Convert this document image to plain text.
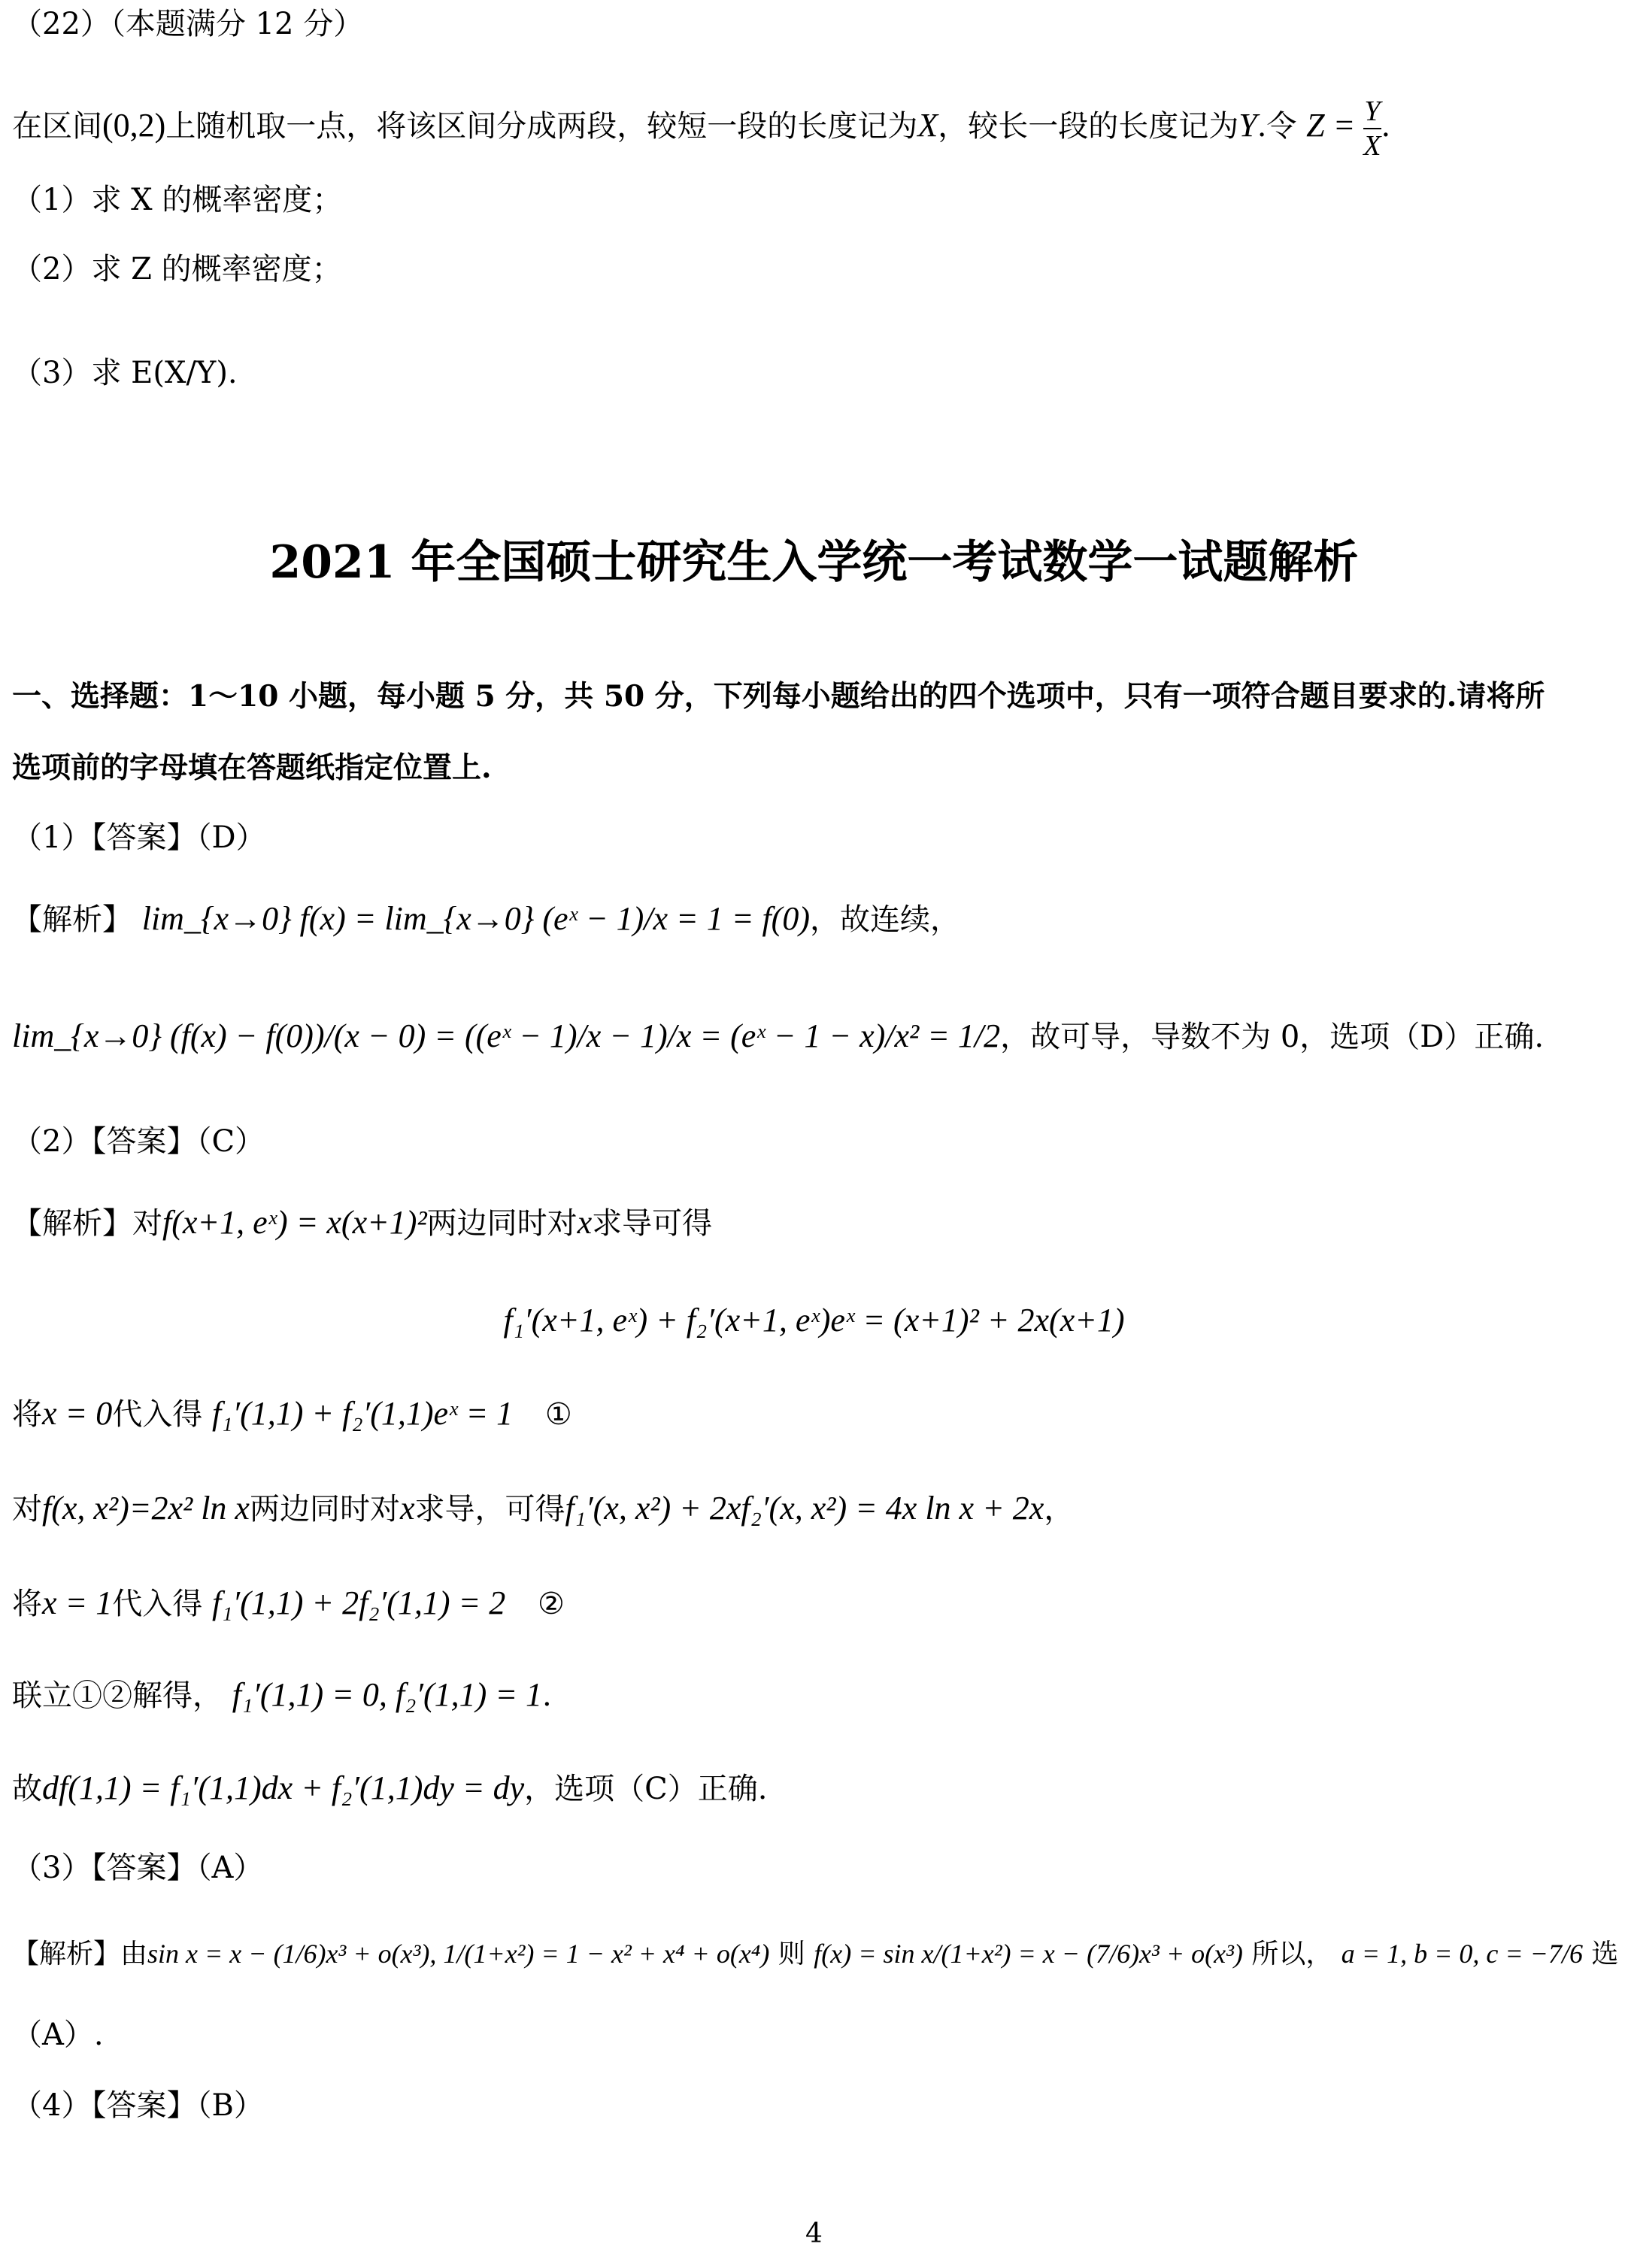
（22）（本题满分 12 分）
在区间(0,2)上随机取一点，将该区间分成两段，较短一段的长度记为X，较长一段的长度记为Y.令 $Z = \frac{Y}{X}$ .
（1）求 X 的概率密度；
（2）求 Z 的概率密度；
（3）求 E(X/Y).
2021 年全国硕士研究生入学统一考试数学一试题解析
一、选择题：1～10 小题，每小题 5 分，共 50 分，下列每小题给出的四个选项中，只有一项符合题目要求的.请将所
选项前的字母填在答题纸指定位置上.
（1）【答案】（D）
【解析】 lim_{x→0} f(x) = lim_{x→0} (eˣ − 1)/x = 1 = f(0)，故连续，
lim_{x→0} (f(x) − f(0))/(x − 0) = ((eˣ − 1)/x − 1)/x = (eˣ − 1 − x)/x² = 1/2，故可导，导数不为 0，选项（D）正确.
（2）【答案】（C）
【解析】对f(x+1, eˣ) = x(x+1)²两边同时对x求导可得
f₁′(x+1, eˣ) + f₂′(x+1, eˣ)eˣ = (x+1)² + 2x(x+1)
将x = 0代入得 f₁′(1,1) + f₂′(1,1)eˣ = 1 ①
对f(x, x²)=2x² ln x两边同时对x求导，可得f₁′(x, x²) + 2xf₂′(x, x²) = 4x ln x + 2x，
将x = 1代入得 f₁′(1,1) + 2f₂′(1,1) = 2 ②
联立①②解得， f₁′(1,1) = 0, f₂′(1,1) = 1.
故df(1,1) = f₁′(1,1)dx + f₂′(1,1)dy = dy，选项（C）正确.
（3）【答案】（A）
【解析】由sin x = x − (1/6)x³ + o(x³), 1/(1+x²) = 1 − x² + x⁴ + o(x⁴) 则 f(x) = sin x/(1+x²) = x − (7/6)x³ + o(x³) 所以， a = 1, b = 0, c = −7/6 选
（A）.
（4）【答案】（B）
4
